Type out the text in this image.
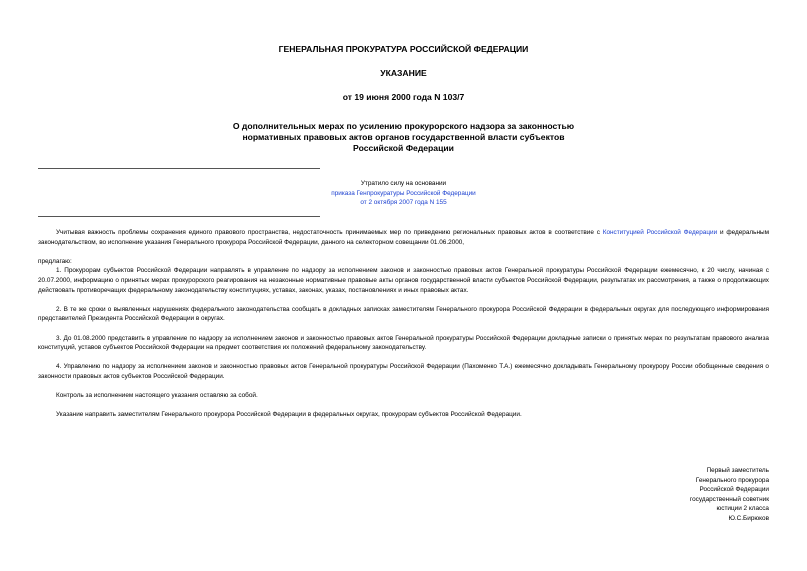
ГЕНЕРАЛЬНАЯ ПРОКУРАТУРА РОССИЙСКОЙ ФЕДЕРАЦИИ
УКАЗАНИЕ
от 19 июня 2000 года N 103/7
О дополнительных мерах по усилению прокурорского надзора за законностью
нормативных правовых актов органов государственной власти субъектов
Российской Федерации
Утратило силу на основании
приказа Генпрокуратуры Российской Федерации
от 2 октября 2007 года N 155

Учитывая важность проблемы сохранения единого правового пространства, недостаточность принимаемых мер по приведению региональных правовых актов в соответствие с Конституцией Российской Федерации и федеральным законодательством, во исполнение указания Генерального прокурора Российской Федерации, данного на селекторном совещании 01.06.2000,

предлагаю:

1. Прокурорам субъектов Российской Федерации направлять в управление по надзору за исполнением законов и законностью правовых актов Генеральной прокуратуры Российской Федерации ежемесячно, к 20 числу, начиная с 20.07.2000, информацию о принятых мерах прокурорского реагирования на незаконные нормативные правовые акты органов государственной власти субъектов Российской Федерации, результатах их рассмотрения, а также о продолжающих действовать противоречащих федеральному законодательству конституциях, уставах, законах, указах, постановлениях и иных правовых актах.

2. В те же сроки о выявленных нарушениях федерального законодательства сообщать в докладных записках заместителям Генерального прокурора Российской Федерации в федеральных округах для последующего информирования представителей Президента Российской Федерации в округах.

3. До 01.08.2000 представить в управление по надзору за исполнением законов и законностью правовых актов Генеральной прокуратуры Российской Федерации докладные записки о принятых мерах по результатам правового анализа конституций, уставов субъектов Российской Федерации на предмет соответствия их положений федеральному законодательству.

4. Управлению по надзору за исполнением законов и законностью правовых актов Генеральной прокуратуры Российской Федерации (Пахоменко Т.А.) ежемесячно докладывать Генеральному прокурору России обобщенные сведения о законности правовых актов субъектов Российской Федерации.

Контроль за исполнением настоящего указания оставляю за собой.

Указание направить заместителям Генерального прокурора Российской Федерации в федеральных округах, прокурорам субъектов Российской Федерации.

Первый заместитель
Генерального прокурора
Российской Федерации
государственный советник
юстиции 2 класса
Ю.С.Бирюков
